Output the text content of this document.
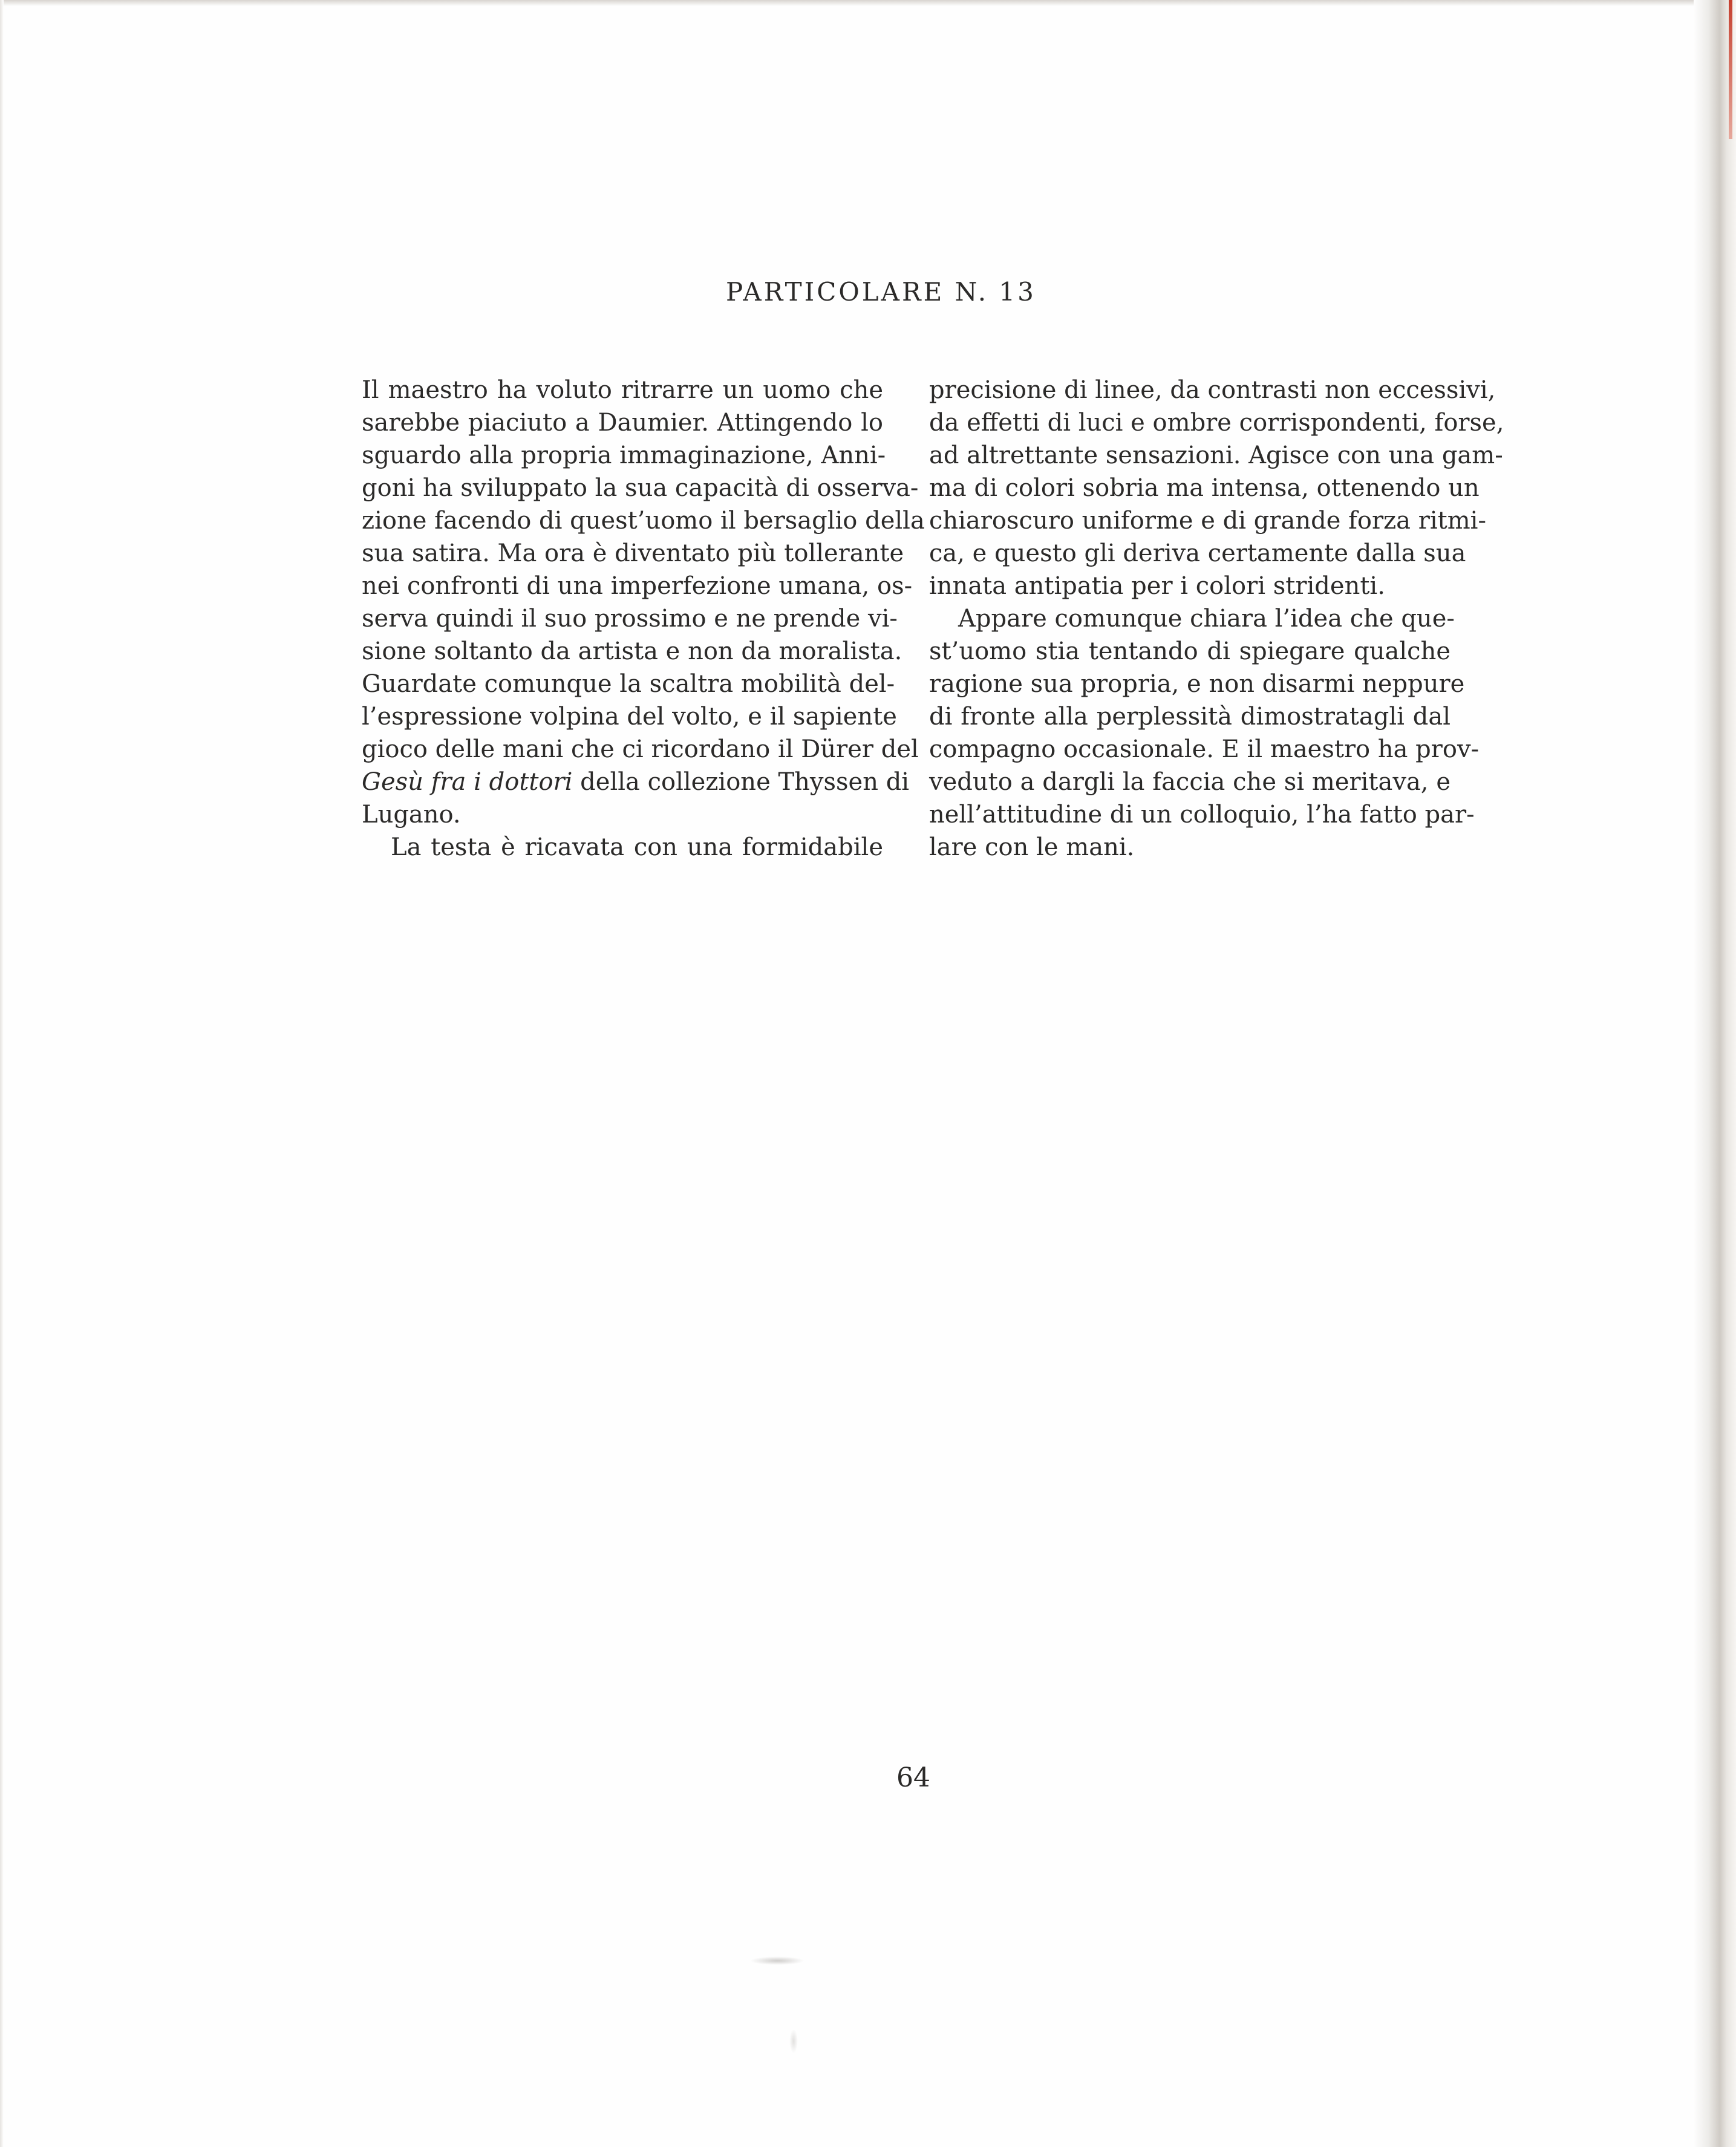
PARTICOLARE N. 13
Il maestro ha voluto ritrarre un uomo che
sarebbe piaciuto a Daumier. Attingendo lo
sguardo alla propria immaginazione, Anni-
goni ha sviluppato la sua capacità di osserva-
zione facendo di quest’uomo il bersaglio della
sua satira. Ma ora è diventato più tollerante
nei confronti di una imperfezione umana, os-
serva quindi il suo prossimo e ne prende vi-
sione soltanto da artista e non da moralista.
Guardate comunque la scaltra mobilità del-
l’espressione volpina del volto, e il sapiente
gioco delle mani che ci ricordano il Dürer del
Gesù fra i dottori della collezione Thyssen di
Lugano.
La testa è ricavata con una formidabile
precisione di linee, da contrasti non eccessivi,
da effetti di luci e ombre corrispondenti, forse,
ad altrettante sensazioni. Agisce con una gam-
ma di colori sobria ma intensa, ottenendo un
chiaroscuro uniforme e di grande forza ritmi-
ca, e questo gli deriva certamente dalla sua
innata antipatia per i colori stridenti.
Appare comunque chiara l’idea che que-
st’uomo stia tentando di spiegare qualche
ragione sua propria, e non disarmi neppure
di fronte alla perplessità dimostratagli dal
compagno occasionale. E il maestro ha prov-
veduto a dargli la faccia che si meritava, e
nell’attitudine di un colloquio, l’ha fatto par-
lare con le mani.
64
